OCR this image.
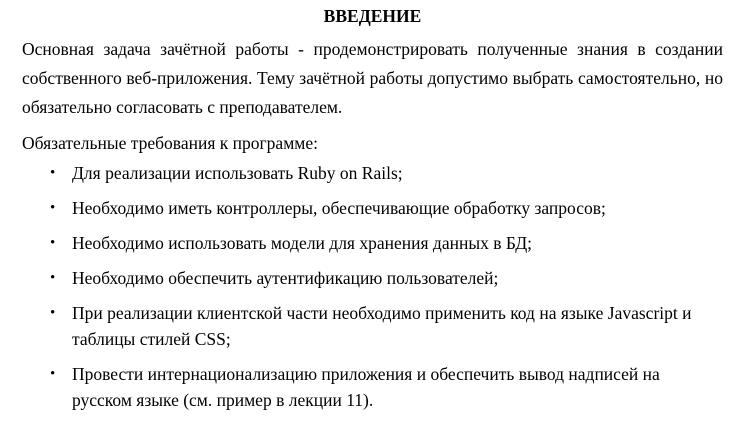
ВВЕДЕНИЕ

Основная задача зачётной работы - продемонстрировать полученные знания в создании собственного веб-приложения. Тему зачётной работы допустимо выбрать самостоятельно, но обязательно согласовать с преподавателем.

Обязательные требования к программе:

• Для реализации использовать Ruby on Rails;
• Необходимо иметь контроллеры, обеспечивающие обработку запросов;
• Необходимо использовать модели для хранения данных в БД;
• Необходимо обеспечить аутентификацию пользователей;
• При реализации клиентской части необходимо применить код на языке Javascript и таблицы стилей CSS;
• Провести интернационализацию приложения и обеспечить вывод надписей на русском языке (см. пример в лекции 11).
